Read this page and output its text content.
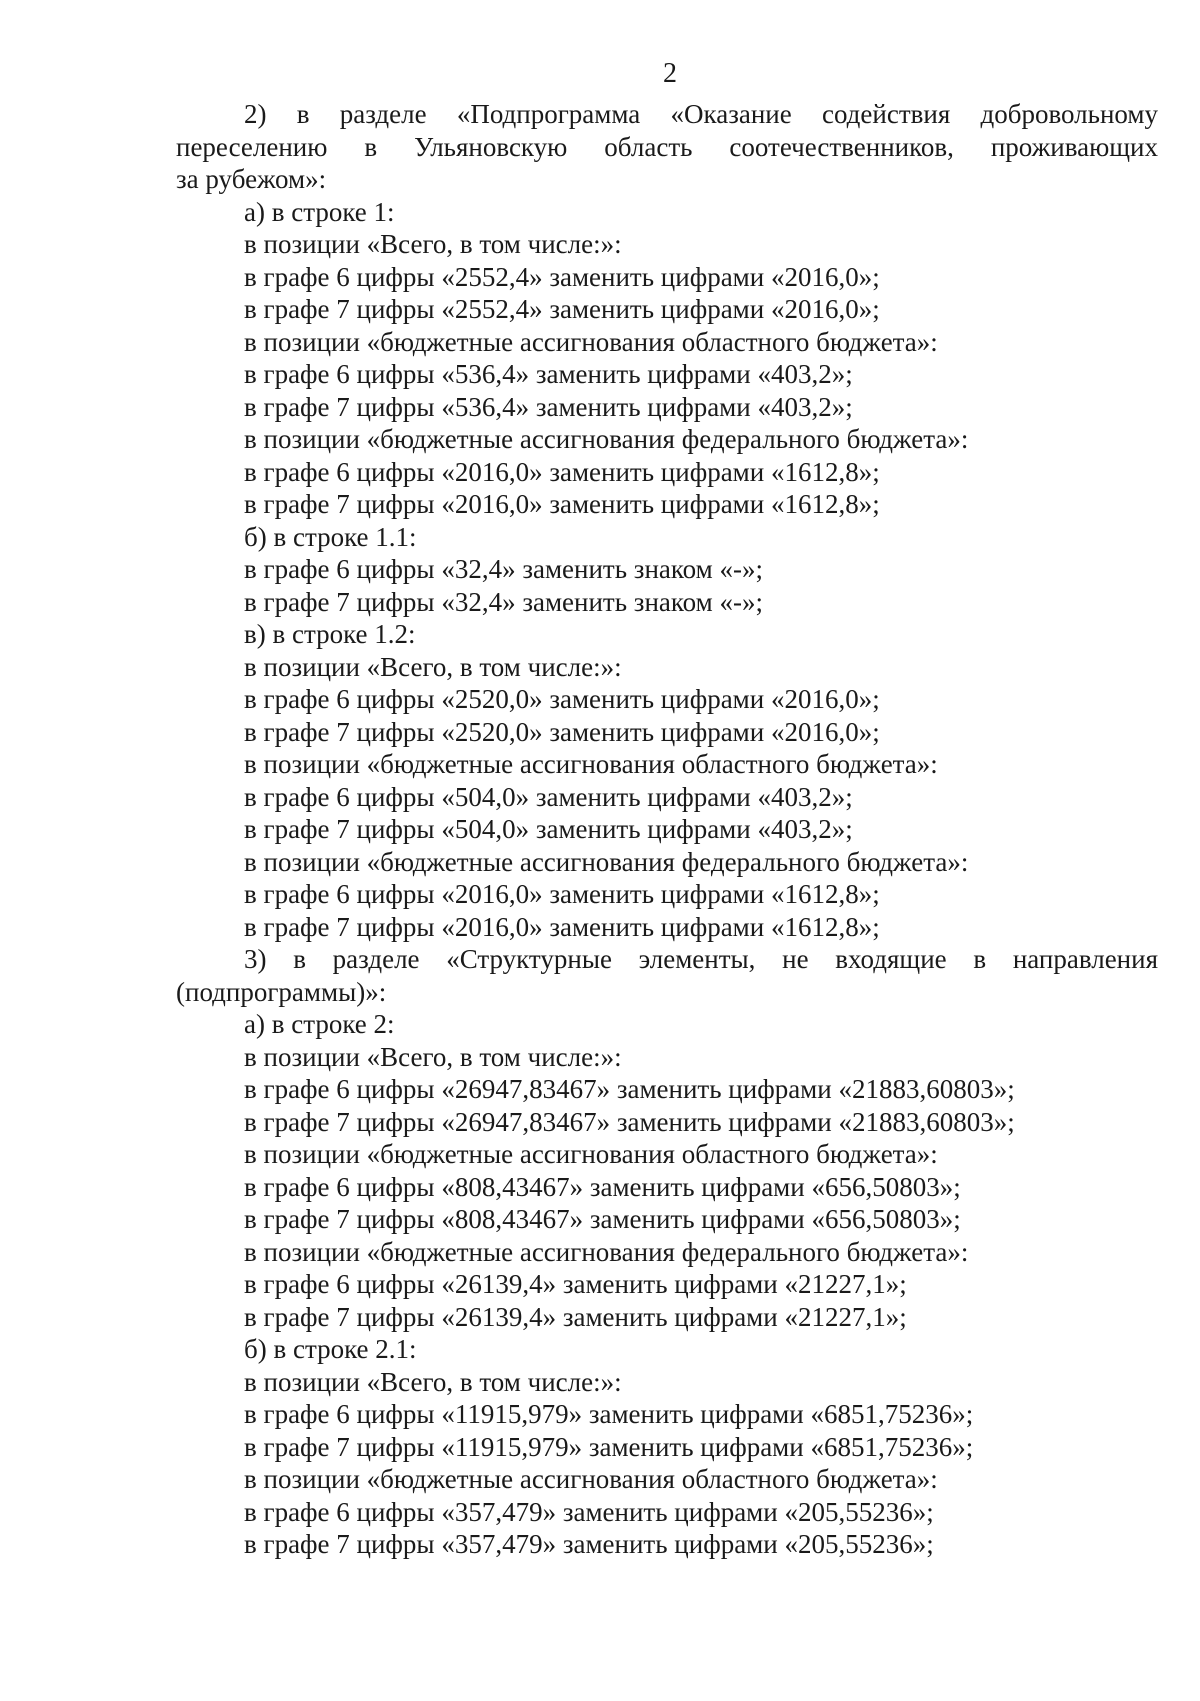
2
2) в разделе «Подпрограмма «Оказание содействия добровольному
переселению в Ульяновскую область соотечественников, проживающих
за рубежом»:
а) в строке 1:
в позиции «Всего, в том числе:»:
в графе 6 цифры «2552,4» заменить цифрами «2016,0»;
в графе 7 цифры «2552,4» заменить цифрами «2016,0»;
в позиции «бюджетные ассигнования областного бюджета»:
в графе 6 цифры «536,4» заменить цифрами «403,2»;
в графе 7 цифры «536,4» заменить цифрами «403,2»;
в позиции «бюджетные ассигнования федерального бюджета»:
в графе 6 цифры «2016,0» заменить цифрами «1612,8»;
в графе 7 цифры «2016,0» заменить цифрами «1612,8»;
б) в строке 1.1:
в графе 6 цифры «32,4» заменить знаком «-»;
в графе 7 цифры «32,4» заменить знаком «-»;
в) в строке 1.2:
в позиции «Всего, в том числе:»:
в графе 6 цифры «2520,0» заменить цифрами «2016,0»;
в графе 7 цифры «2520,0» заменить цифрами «2016,0»;
в позиции «бюджетные ассигнования областного бюджета»:
в графе 6 цифры «504,0» заменить цифрами «403,2»;
в графе 7 цифры «504,0» заменить цифрами «403,2»;
в позиции «бюджетные ассигнования федерального бюджета»:
в графе 6 цифры «2016,0» заменить цифрами «1612,8»;
в графе 7 цифры «2016,0» заменить цифрами «1612,8»;
3) в разделе «Структурные элементы, не входящие в направления
(подпрограммы)»:
а) в строке 2:
в позиции «Всего, в том числе:»:
в графе 6 цифры «26947,83467» заменить цифрами «21883,60803»;
в графе 7 цифры «26947,83467» заменить цифрами «21883,60803»;
в позиции «бюджетные ассигнования областного бюджета»:
в графе 6 цифры «808,43467» заменить цифрами «656,50803»;
в графе 7 цифры «808,43467» заменить цифрами «656,50803»;
в позиции «бюджетные ассигнования федерального бюджета»:
в графе 6 цифры «26139,4» заменить цифрами «21227,1»;
в графе 7 цифры «26139,4» заменить цифрами «21227,1»;
б) в строке 2.1:
в позиции «Всего, в том числе:»:
в графе 6 цифры «11915,979» заменить цифрами «6851,75236»;
в графе 7 цифры «11915,979» заменить цифрами «6851,75236»;
в позиции «бюджетные ассигнования областного бюджета»:
в графе 6 цифры «357,479» заменить цифрами «205,55236»;
в графе 7 цифры «357,479» заменить цифрами «205,55236»;
